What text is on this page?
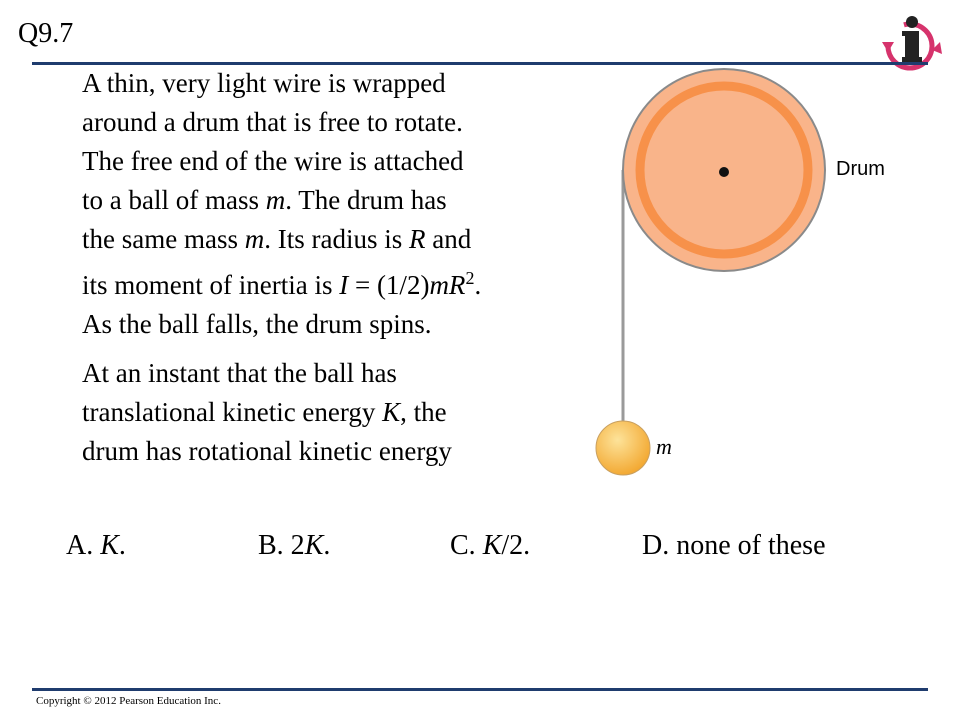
Q9.7

A thin, very light wire is wrapped
around a drum that is free to rotate.
The free end of the wire is attached
to a ball of mass m. The drum has
the same mass m. Its radius is R and
its moment of inertia is $I = (1/2)mR^2$.
As the ball falls, the drum spins.

At an instant that the ball has
translational kinetic energy K, the
drum has rotational kinetic energy

Drum
m
A. K.	B. 2K.	C. K/2.	D. none of these
Copyright © 2012 Pearson Education Inc.
